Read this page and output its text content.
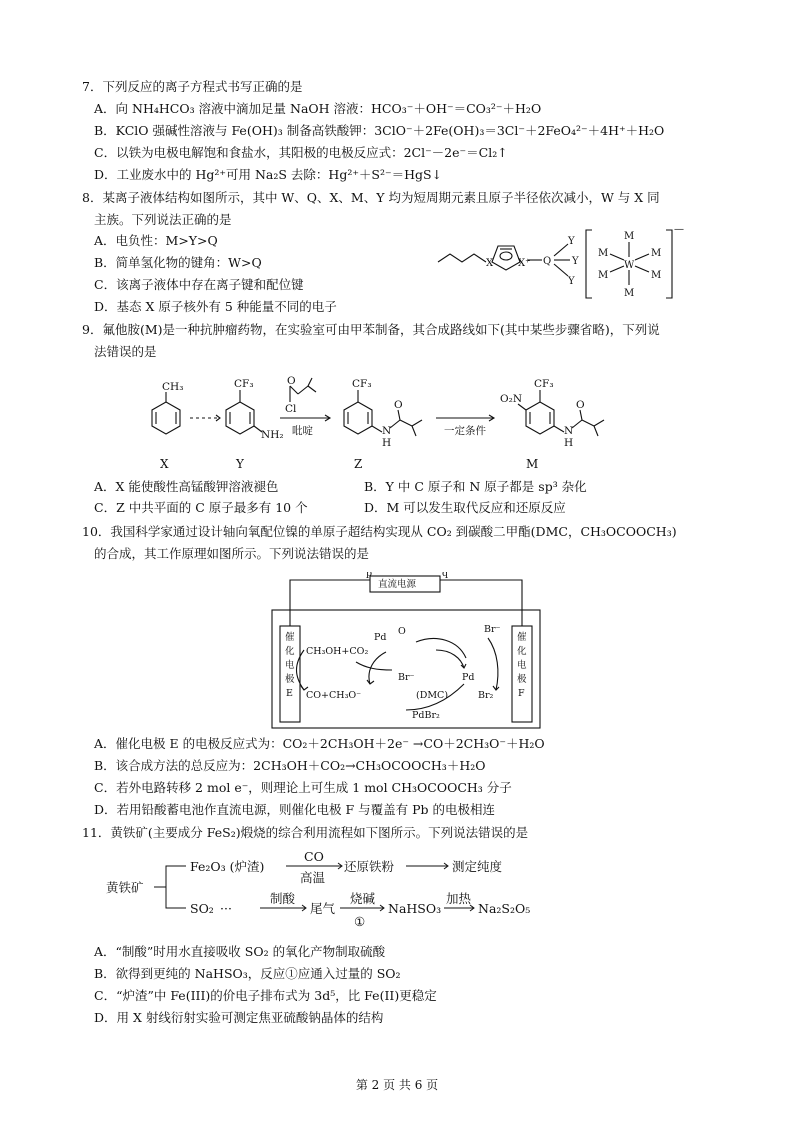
7．下列反应的离子方程式书写正确的是
A．向 NH₄HCO₃ 溶液中滴加足量 NaOH 溶液：HCO₃⁻＋OH⁻＝CO₃²⁻＋H₂O
B．KClO 强碱性溶液与 Fe(OH)₃ 制备高铁酸钾：3ClO⁻＋2Fe(OH)₃＝3Cl⁻＋2FeO₄²⁻＋4H⁺＋H₂O
C．以铁为电极电解饱和食盐水，其阳极的电极反应式：2Cl⁻－2e⁻＝Cl₂↑
D．工业废水中的 Hg²⁺可用 Na₂S 去除：Hg²⁺＋S²⁻＝HgS↓
8．某离子液体结构如图所示，其中 W、Q、X、M、Y 均为短周期元素且原子半径依次减小，W 与 X 同
主族。下列说法正确的是
A．电负性：M>Y>Q
B．简单氢化物的键角：W>Q
C．该离子液体中存在离子键和配位键
D．基态 X 原子核外有 5 种能量不同的电子
X X⁺ Q
Y
Y
Y
M
M
M
M
M
M
W
—
9．氟他胺(M)是一种抗肿瘤药物，在实验室可由甲苯制备，其合成路线如下(其中某些步骤省略)，下列说
法错误的是
CH₃	CF₃
NH₂
O
Cl
吡啶
CF₃
N
H
O
一定条件
O₂N
CF₃
N
H
O
X	Y	Z	M
A．X 能使酸性高锰酸钾溶液褪色	B．Y 中 C 原子和 N 原子都是 sp³ 杂化
C．Z 中共平面的 C 原子最多有 10 个	D．M 可以发生取代反应和还原反应
10．我国科学家通过设计轴向氧配位镍的单原子超结构实现从 CO₂ 到碳酸二甲酯(DMC，CH₃OCOOCH₃)
的合成，其工作原理如图所示。下列说法错误的是
直流电源
p	q
催
化
电
极
E
催
化
电
极
F
CH₃OH+CO₂
CO+CH₃O⁻
Pd
O
Br⁻	Pd
Br⁻
Br₂
(DMC)
PdBr₂
A．催化电极 E 的电极反应式为：CO₂＋2CH₃OH＋2e⁻ →CO＋2CH₃O⁻＋H₂O
B．该合成方法的总反应为：2CH₃OH＋CO₂→CH₃OCOOCH₃＋H₂O
C．若外电路转移 2 mol e⁻，则理论上可生成 1 mol CH₃OCOOCH₃ 分子
D．若用铅酸蓄电池作直流电源，则催化电极 F 与覆盖有 Pb 的电极相连
11．黄铁矿(主要成分 FeS₂)煅烧的综合利用流程如下图所示。下列说法错误的是
黄铁矿
Fe₂O₃ (炉渣)
CO
高温
还原铁粉	测定纯度
SO₂ ···
制酸
尾气
烧碱
①
NaHSO₃
加热
Na₂S₂O₅
A．“制酸”时用水直接吸收 SO₂ 的氧化产物制取硫酸
B．欲得到更纯的 NaHSO₃，反应①应通入过量的 SO₂
C．“炉渣”中 Fe(III)的价电子排布式为 3d⁵，比 Fe(II)更稳定
D．用 X 射线衍射实验可测定焦亚硫酸钠晶体的结构
第 2 页 共 6 页
